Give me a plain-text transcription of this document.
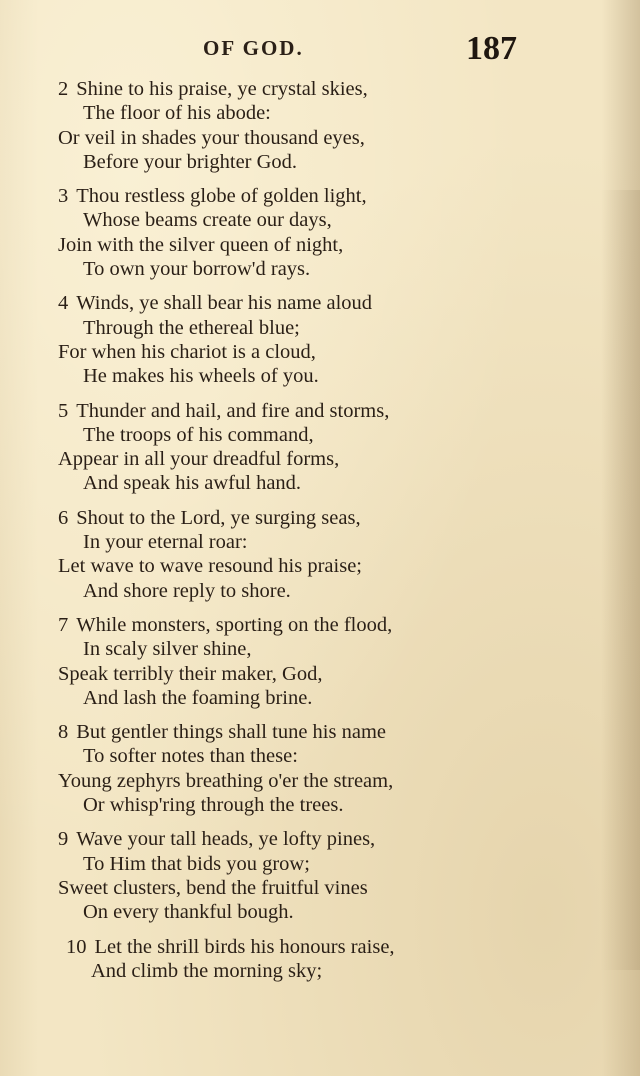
OF GOD.	187
2 Shine to his praise, ye crystal skies,
The floor of his abode:
Or veil in shades your thousand eyes,
Before your brighter God.
3 Thou restless globe of golden light,
Whose beams create our days,
Join with the silver queen of night,
To own your borrow'd rays.
4 Winds, ye shall bear his name aloud
Through the ethereal blue;
For when his chariot is a cloud,
He makes his wheels of you.
5 Thunder and hail, and fire and storms,
The troops of his command,
Appear in all your dreadful forms,
And speak his awful hand.
6 Shout to the Lord, ye surging seas,
In your eternal roar:
Let wave to wave resound his praise;
And shore reply to shore.
7 While monsters, sporting on the flood,
In scaly silver shine,
Speak terribly their maker, God,
And lash the foaming brine.
8 But gentler things shall tune his name
To softer notes than these:
Young zephyrs breathing o'er the stream,
Or whisp'ring through the trees.
9 Wave your tall heads, ye lofty pines,
To Him that bids you grow;
Sweet clusters, bend the fruitful vines
On every thankful bough.
10 Let the shrill birds his honours raise,
And climb the morning sky;
